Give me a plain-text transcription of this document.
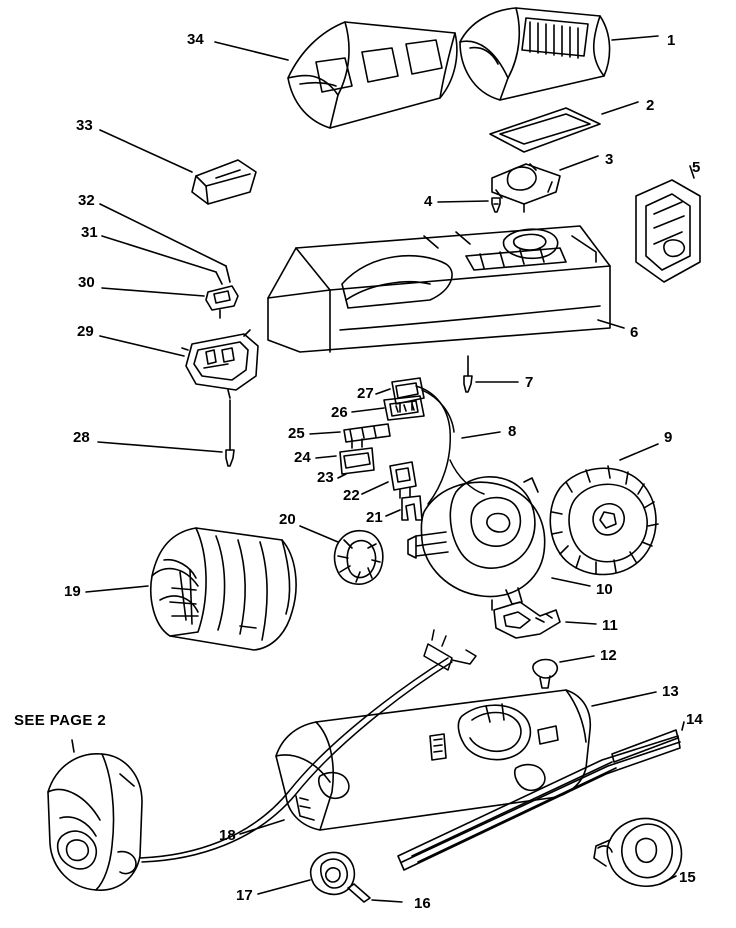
SEE PAGE 2
1
2
3
4
5
6
7
8	9
10
11
12
13
14
15
16
17
18
19
20	21
22
23
24
25
26
27
28
29
30
31
32
33
34
